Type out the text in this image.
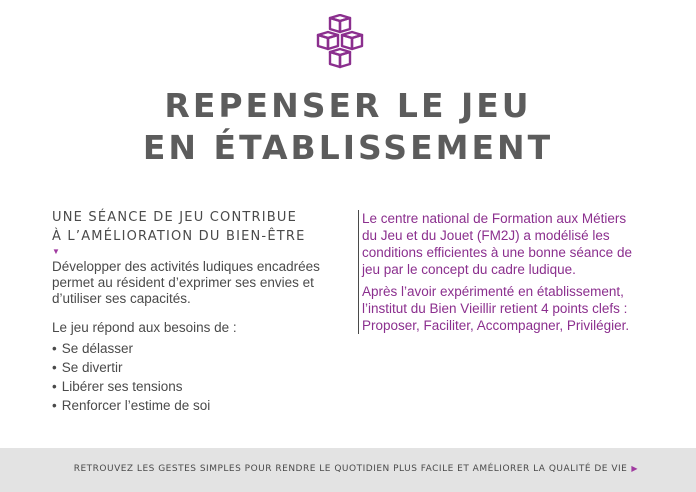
REPENSER LE JEU
EN ÉTABLISSEMENT
UNE SÉANCE DE JEU CONTRIBUE
À L’AMÉLIORATION DU BIEN-ÊTRE
▼

Développer des activités ludiques encadrées permet au résident d’exprimer ses envies et d’utiliser ses capacités.

Le jeu répond aux besoins de :

• Se délasser
• Se divertir
• Libérer ses tensions
• Renforcer l’estime de soi

Le centre national de Formation aux Métiers du Jeu et du Jouet (FM2J) a modélisé les conditions efficientes à une bonne séance de jeu par le concept du cadre ludique.

Après l’avoir expérimenté en établissement, l’institut du Bien Vieillir retient 4 points clefs : Proposer, Faciliter, Accompagner, Privilégier.

RETROUVEZ LES GESTES SIMPLES POUR RENDRE LE QUOTIDIEN PLUS FACILE ET AMÉLIORER LA QUALITÉ DE VIE ▶
